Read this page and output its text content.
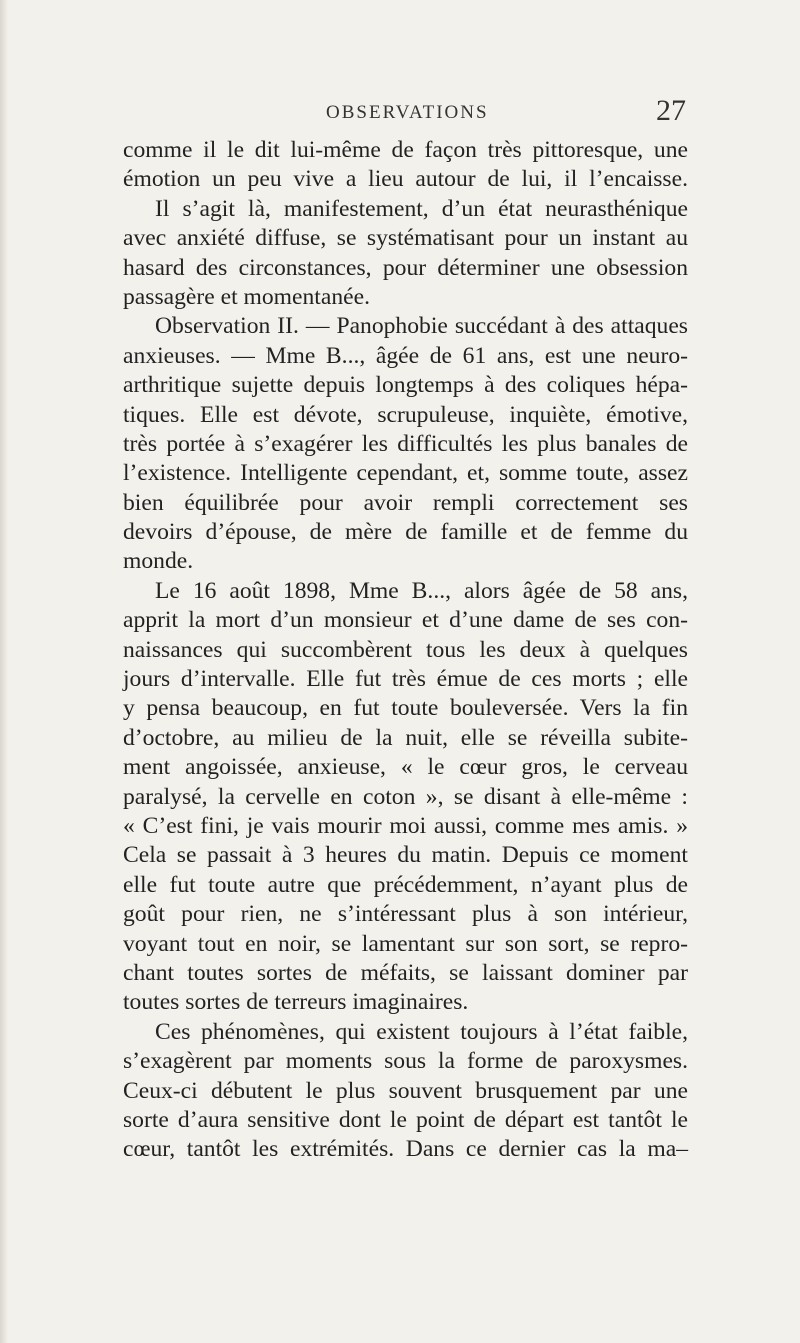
OBSERVATIONS	27
comme il le dit lui-même de façon très pittoresque, une
émotion un peu vive a lieu autour de lui, il l’encaisse.
Il s’agit là, manifestement, d’un état neurasthénique
avec anxiété diffuse, se systématisant pour un instant au
hasard des circonstances, pour déterminer une obsession
passagère et momentanée.
Observation II. — Panophobie succédant à des attaques
anxieuses. — Mme B..., âgée de 61 ans, est une neuro-
arthritique sujette depuis longtemps à des coliques hépa-
tiques. Elle est dévote, scrupuleuse, inquiète, émotive,
très portée à s’exagérer les difficultés les plus banales de
l’existence. Intelligente cependant, et, somme toute, assez
bien équilibrée pour avoir rempli correctement ses
devoirs d’épouse, de mère de famille et de femme du
monde.
Le 16 août 1898, Mme B..., alors âgée de 58 ans,
apprit la mort d’un monsieur et d’une dame de ses con-
naissances qui succombèrent tous les deux à quelques
jours d’intervalle. Elle fut très émue de ces morts ; elle
y pensa beaucoup, en fut toute bouleversée. Vers la fin
d’octobre, au milieu de la nuit, elle se réveilla subite-
ment angoissée, anxieuse, « le cœur gros, le cerveau
paralysé, la cervelle en coton », se disant à elle-même :
« C’est fini, je vais mourir moi aussi, comme mes amis. »
Cela se passait à 3 heures du matin. Depuis ce moment
elle fut toute autre que précédemment, n’ayant plus de
goût pour rien, ne s’intéressant plus à son intérieur,
voyant tout en noir, se lamentant sur son sort, se repro-
chant toutes sortes de méfaits, se laissant dominer par
toutes sortes de terreurs imaginaires.
Ces phénomènes, qui existent toujours à l’état faible,
s’exagèrent par moments sous la forme de paroxysmes.
Ceux-ci débutent le plus souvent brusquement par une
sorte d’aura sensitive dont le point de départ est tantôt le
cœur, tantôt les extrémités. Dans ce dernier cas la ma–
